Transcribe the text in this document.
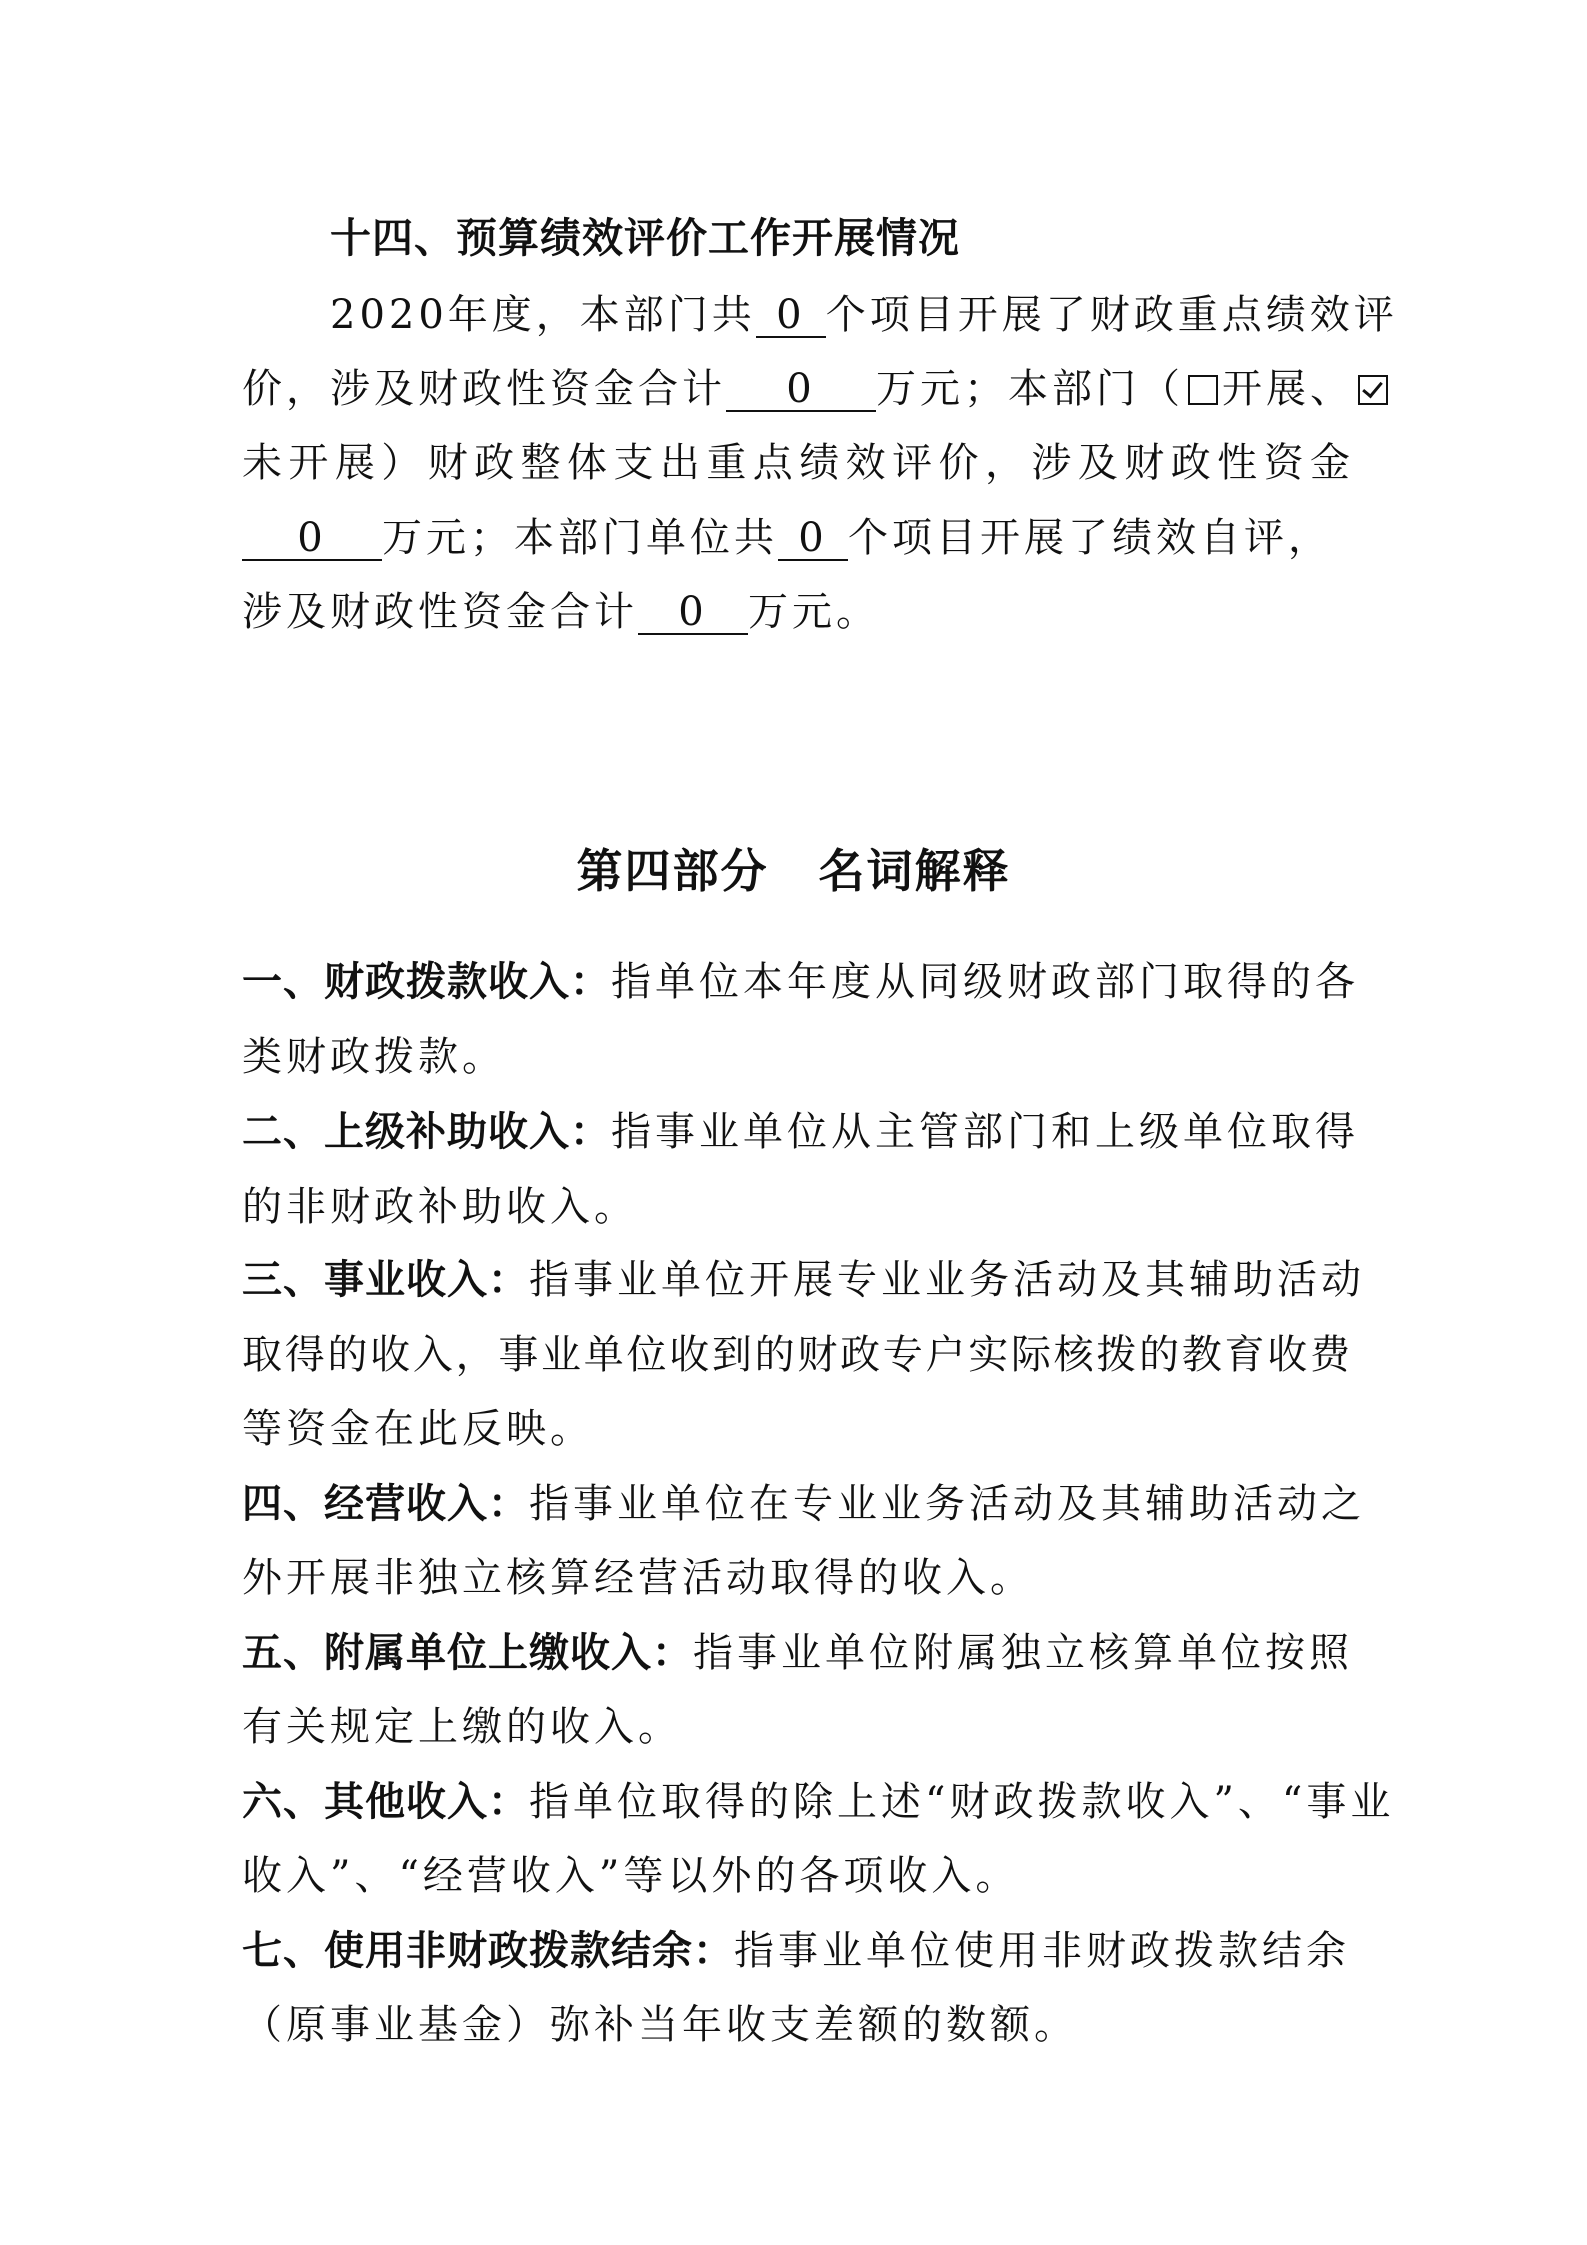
十四、预算绩效评价工作开展情况
2020年度，本部门共 0 个项目开展了财政重点绩效评
价，涉及财政性资金合计 0 万元；本部门（ 开展、
未开展）财政整体支出重点绩效评价，涉及财政性资金
0 万元；本部门单位共 0 个项目开展了绩效自评，
涉及财政性资金合计 0 万元。
第四部分 名词解释
一、财政拨款收入：指单位本年度从同级财政部门取得的各
类财政拨款。
二、上级补助收入：指事业单位从主管部门和上级单位取得
的非财政补助收入。
三、事业收入：指事业单位开展专业业务活动及其辅助活动
取得的收入，事业单位收到的财政专户实际核拨的教育收费
等资金在此反映。
四、经营收入：指事业单位在专业业务活动及其辅助活动之
外开展非独立核算经营活动取得的收入。
五、附属单位上缴收入：指事业单位附属独立核算单位按照
有关规定上缴的收入。
六、其他收入：指单位取得的除上述“财政拨款收入”、“事业
收入”、“经营收入”等以外的各项收入。
七、使用非财政拨款结余：指事业单位使用非财政拨款结余
（原事业基金）弥补当年收支差额的数额。
